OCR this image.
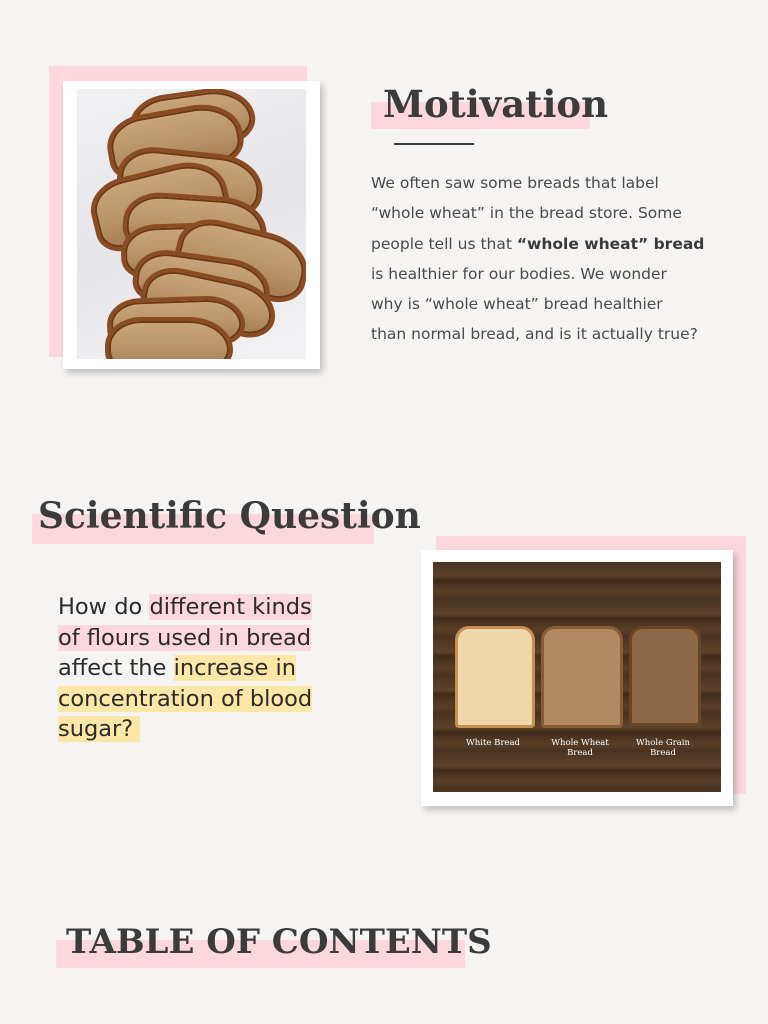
Motivation
We often saw some breads that label
“whole wheat” in the bread store. Some
people tell us that “whole wheat” bread
is healthier for our bodies. We wonder
why is “whole wheat” bread healthier
than normal bread, and is it actually true?
Scientific Question
How do different kinds
of flours used in bread
affect the increase in
concentration of blood
sugar?
White Bread	Whole Wheat
Bread
Whole Grain
Bread
TABLE OF CONTENTS
